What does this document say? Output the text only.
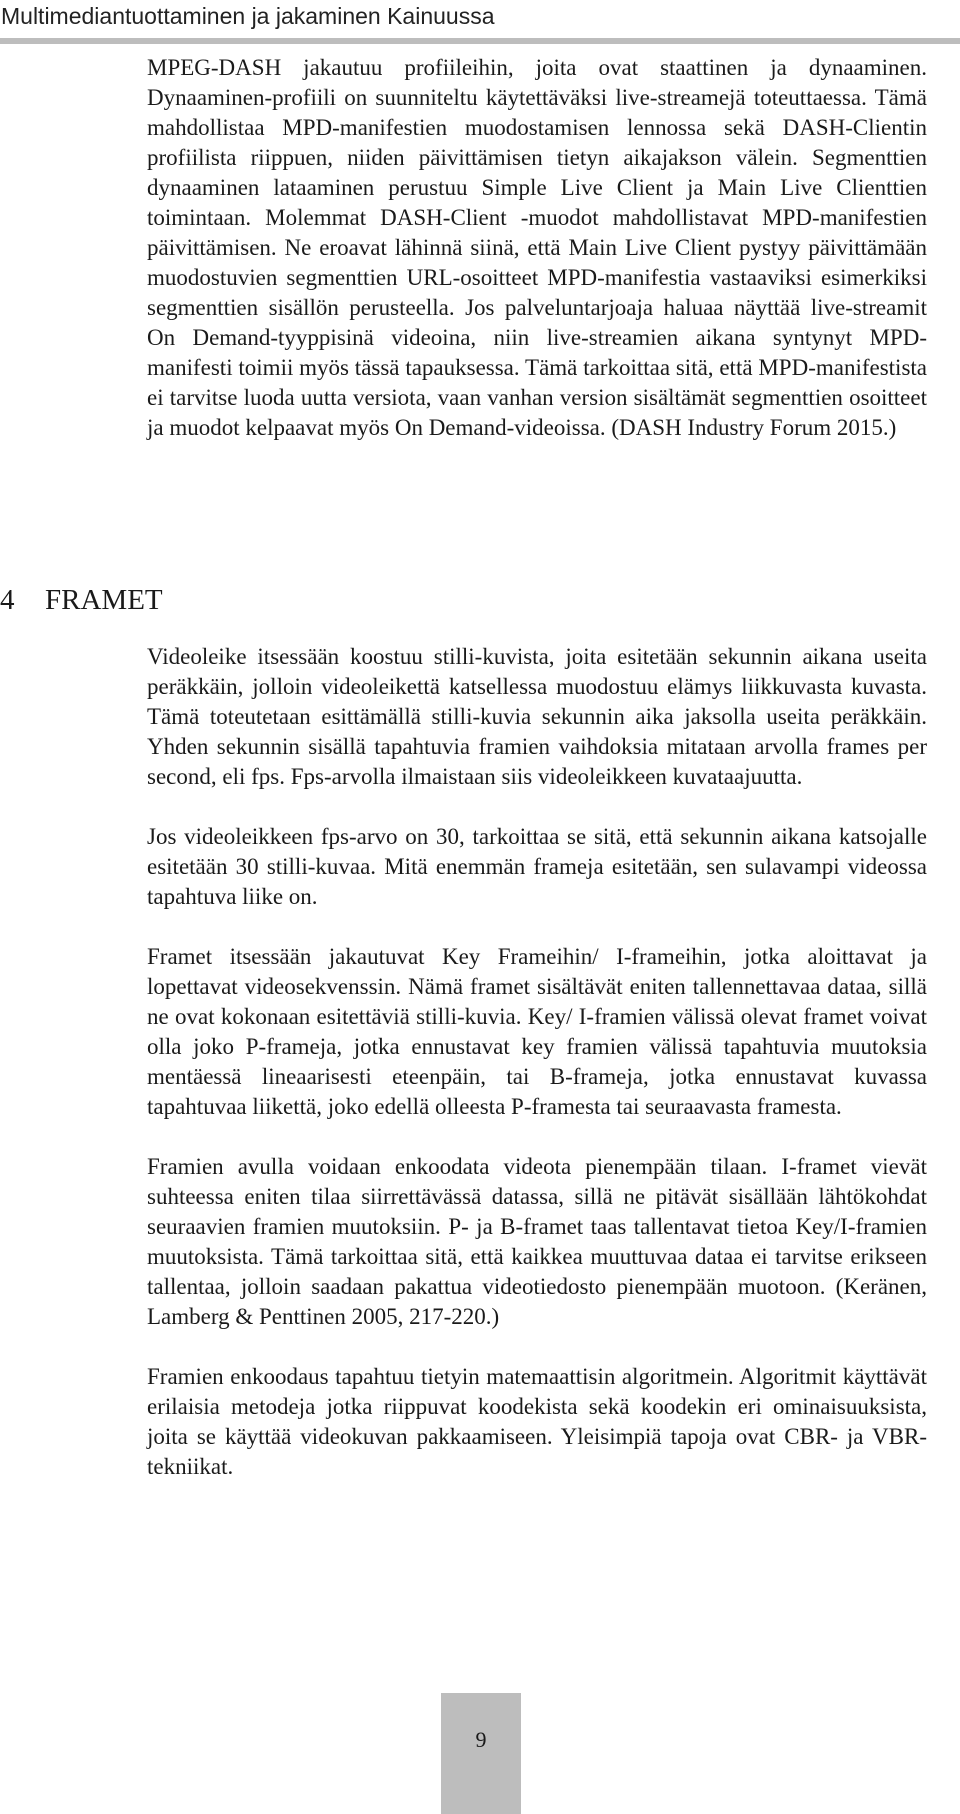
Multimediantuottaminen ja jakaminen Kainuussa

MPEG-DASH jakautuu profiileihin, joita ovat staattinen ja dynaaminen. Dynaaminen-profiili on suunniteltu käytettäväksi live-streamejä toteuttaessa. Tämä mahdollistaa MPD-manifestien muodostamisen lennossa sekä DASH-Clientin profiilista riippuen, niiden päivittämisen tietyn aikajakson välein. Segmenttien dynaaminen lataaminen perustuu Simple Live Client ja Main Live Clienttien toimintaan. Molemmat DASH-Client -muodot mahdollistavat MPD-manifestien päivittämisen. Ne eroavat lähinnä siinä, että Main Live Client pystyy päivittämään muodostuvien segmenttien URL-osoitteet MPD-manifestia vastaaviksi esimerkiksi segmenttien sisällön perusteella. Jos palveluntarjoaja haluaa näyttää live-streamit On Demand-tyyppisinä videoina, niin live-streamien aikana syntynyt MPD-manifesti toimii myös tässä tapauksessa. Tämä tarkoittaa sitä, että MPD-manifestista ei tarvitse luoda uutta versiota, vaan vanhan version sisältämät segmenttien osoitteet ja muodot kelpaavat myös On Demand-videoissa. (DASH Industry Forum 2015.)

4	FRAMET

Videoleike itsessään koostuu stilli-kuvista, joita esitetään sekunnin aikana useita peräkkäin, jolloin videoleikettä katsellessa muodostuu elämys liikkuvasta kuvasta. Tämä toteutetaan esittämällä stilli-kuvia sekunnin aika jaksolla useita peräkkäin. Yhden sekunnin sisällä tapahtuvia framien vaihdoksia mitataan arvolla frames per second, eli fps. Fps-arvolla ilmaistaan siis videoleikkeen kuvataajuutta.

Jos videoleikkeen fps-arvo on 30, tarkoittaa se sitä, että sekunnin aikana katsojalle esitetään 30 stilli-kuvaa. Mitä enemmän frameja esitetään, sen sulavampi videossa tapahtuva liike on.

Framet itsessään jakautuvat Key Frameihin/ I-frameihin, jotka aloittavat ja lopettavat videosekvenssin. Nämä framet sisältävät eniten tallennettavaa dataa, sillä ne ovat kokonaan esitettäviä stilli-kuvia. Key/ I-framien välissä olevat framet voivat olla joko P-frameja, jotka ennustavat key framien välissä tapahtuvia muutoksia mentäessä lineaarisesti eteenpäin, tai B-frameja, jotka ennustavat kuvassa tapahtuvaa liikettä, joko edellä olleesta P-framesta tai seuraavasta framesta.

Framien avulla voidaan enkoodata videota pienempään tilaan. I-framet vievät suhteessa eniten tilaa siirrettävässä datassa, sillä ne pitävät sisällään lähtökohdat seuraavien framien muutoksiin. P- ja B-framet taas tallentavat tietoa Key/I-framien muutoksista. Tämä tarkoittaa sitä, että kaikkea muuttuvaa dataa ei tarvitse erikseen tallentaa, jolloin saadaan pakattua videotiedosto pienempään muotoon. (Keränen, Lamberg & Penttinen 2005, 217-220.)

Framien enkoodaus tapahtuu tietyin matemaattisin algoritmein. Algoritmit käyttävät erilaisia metodeja jotka riippuvat koodekista sekä koodekin eri ominaisuuksista, joita se käyttää videokuvan pakkaamiseen. Yleisimpiä tapoja ovat CBR- ja VBR-tekniikat.

9
